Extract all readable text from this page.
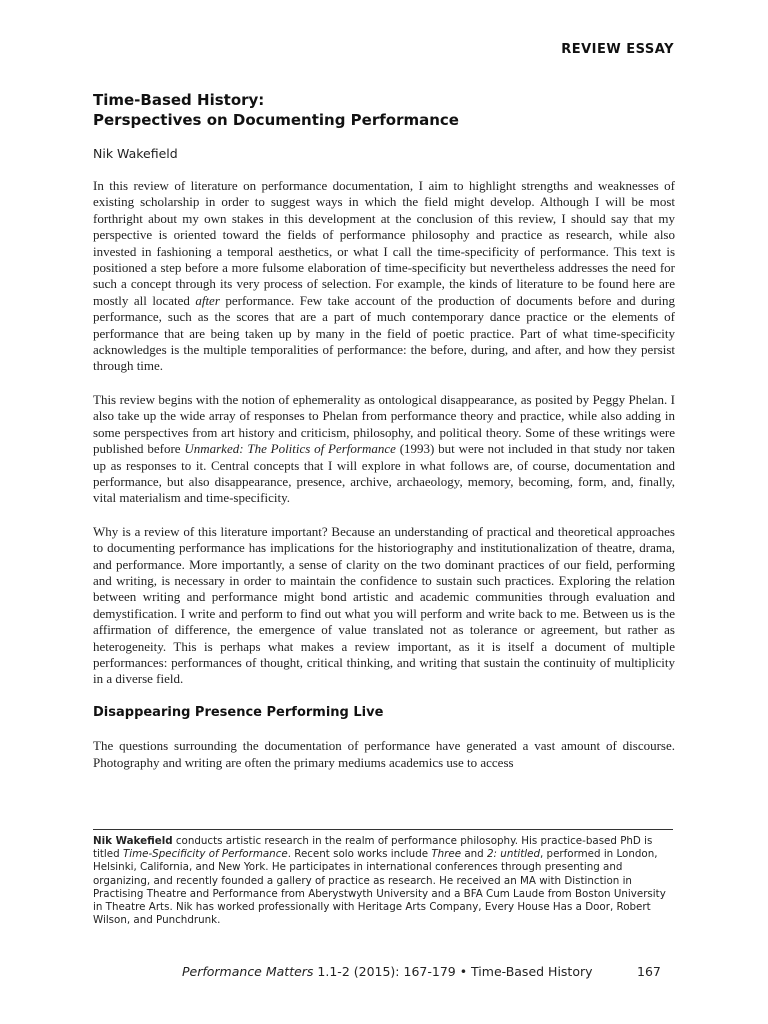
REVIEW ESSAY
Time-Based History:
Perspectives on Documenting Performance
Nik Wakefield

In this review of literature on performance documentation, I aim to highlight strengths and weaknesses of existing scholarship in order to suggest ways in which the field might develop. Although I will be most forthright about my own stakes in this development at the conclusion of this review, I should say that my perspective is oriented toward the fields of performance philosophy and practice as research, while also invested in fashioning a temporal aesthetics, or what I call the time-specificity of performance. This text is positioned a step before a more fulsome elaboration of time-specificity but nevertheless addresses the need for such a concept through its very process of selection. For example, the kinds of literature to be found here are mostly all located after performance. Few take account of the production of documents before and during performance, such as the scores that are a part of much contemporary dance practice or the elements of performance that are being taken up by many in the field of poetic practice. Part of what time-specificity acknowledges is the multiple temporalities of performance: the before, during, and after, and how they persist through time.

This review begins with the notion of ephemerality as ontological disappearance, as posited by Peggy Phelan. I also take up the wide array of responses to Phelan from performance theory and practice, while also adding in some perspectives from art history and criticism, philosophy, and political theory. Some of these writings were published before Unmarked: The Politics of Performance (1993) but were not included in that study nor taken up as responses to it. Central concepts that I will explore in what follows are, of course, documentation and performance, but also disappearance, presence, archive, archaeology, memory, becoming, form, and, finally, vital materialism and time-specificity.

Why is a review of this literature important? Because an understanding of practical and theoretical approaches to documenting performance has implications for the historiography and institutionalization of theatre, drama, and performance. More importantly, a sense of clarity on the two dominant practices of our field, performing and writing, is necessary in order to maintain the confidence to sustain such practices. Exploring the relation between writing and performance might bond artistic and academic communities through evaluation and demystification. I write and perform to find out what you will perform and write back to me. Between us is the affirmation of difference, the emergence of value translated not as tolerance or agreement, but rather as heterogeneity. This is perhaps what makes a review important, as it is itself a document of multiple performances: performances of thought, critical thinking, and writing that sustain the continuity of multiplicity in a diverse field.

Disappearing Presence Performing Live

The questions surrounding the documentation of performance have generated a vast amount of discourse. Photography and writing are often the primary mediums academics use to access

Nik Wakefield conducts artistic research in the realm of performance philosophy. His practice-based PhD is titled Time-Specificity of Performance. Recent solo works include Three and 2: untitled, performed in London, Helsinki, California, and New York. He participates in international conferences through presenting and organizing, and recently founded a gallery of practice as research. He received an MA with Distinction in Practising Theatre and Performance from Aberystwyth University and a BFA Cum Laude from Boston University in Theatre Arts. Nik has worked professionally with Heritage Arts Company, Every House Has a Door, Robert Wilson, and Punchdrunk.
Performance Matters 1.1-2 (2015): 167-179 • Time-Based History	167
